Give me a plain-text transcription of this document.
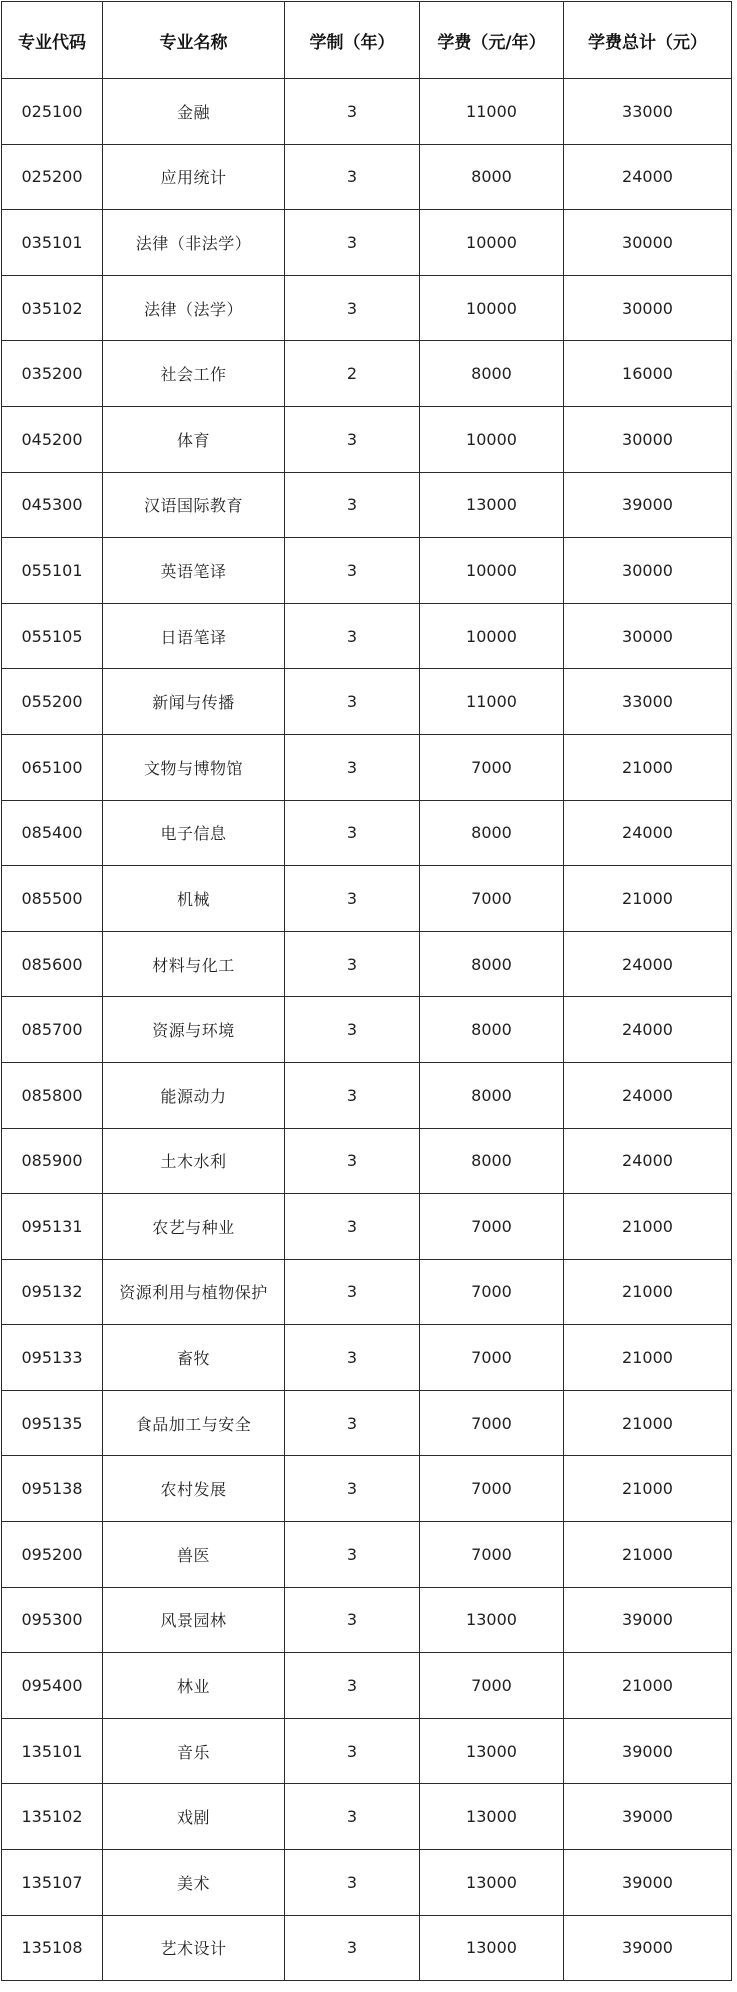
专业代码	专业名称	学制（年）	学费（元/年）	学费总计（元）
025100	金融	3	11000	33000
025200	应用统计	3	8000	24000
035101	法律（非法学）	3	10000	30000
035102	法律（法学）	3	10000	30000
035200	社会工作	2	8000	16000
045200	体育	3	10000	30000
045300	汉语国际教育	3	13000	39000
055101	英语笔译	3	10000	30000
055105	日语笔译	3	10000	30000
055200	新闻与传播	3	11000	33000
065100	文物与博物馆	3	7000	21000
085400	电子信息	3	8000	24000
085500	机械	3	7000	21000
085600	材料与化工	3	8000	24000
085700	资源与环境	3	8000	24000
085800	能源动力	3	8000	24000
085900	土木水利	3	8000	24000
095131	农艺与种业	3	7000	21000
095132	资源利用与植物保护	3	7000	21000
095133	畜牧	3	7000	21000
095135	食品加工与安全	3	7000	21000
095138	农村发展	3	7000	21000
095200	兽医	3	7000	21000
095300	风景园林	3	13000	39000
095400	林业	3	7000	21000
135101	音乐	3	13000	39000
135102	戏剧	3	13000	39000
135107	美术	3	13000	39000
135108	艺术设计	3	13000	39000
